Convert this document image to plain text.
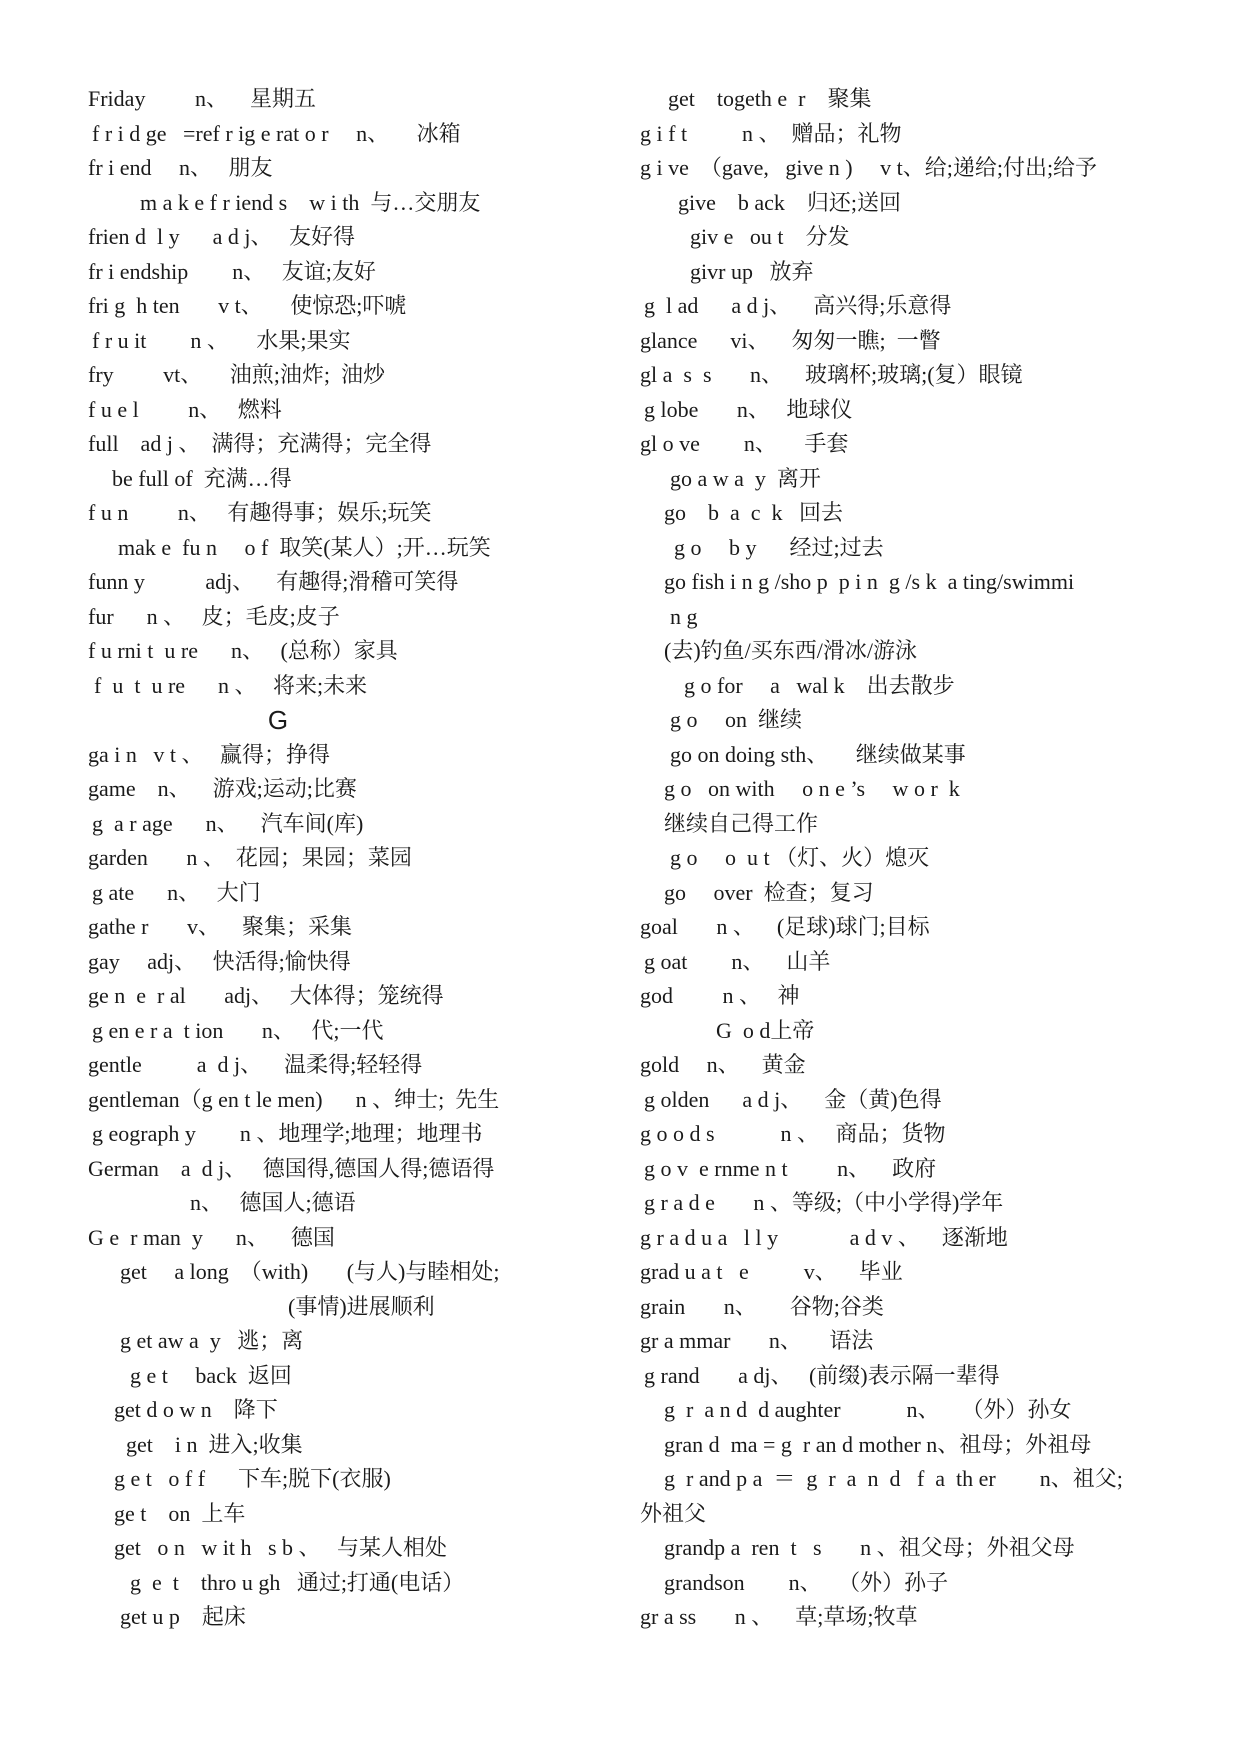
Friday         n、    星期五
f r i d ge   =ref r ig e rat o r     n、     冰箱
fr i end     n、   朋友
m a k e f r iend s    w i th  与…交朋友
frien d  l y      a d j、   友好得
fr i endship        n、   友谊;友好
fri g  h ten       v t、     使惊恐;吓唬
f r u it        n 、     水果;果实
fry         vt、     油煎;油炸;  油炒
f u e l         n、   燃料
full    ad j 、  满得；充满得；完全得
be full of  充满…得
f u n         n、   有趣得事；娱乐;玩笑
mak e  fu n     o f  取笑(某人）;开…玩笑
funn y           adj、    有趣得;滑稽可笑得
fur      n 、   皮；毛皮;皮子
f u rni t  u re      n、   (总称）家具
f  u  t  u re      n 、   将来;未来
G
ga i n   v t 、   赢得；挣得
game    n、    游戏;运动;比赛
g  a r age      n、    汽车间(库)
garden       n 、  花园；果园；菜园
g ate      n、   大门
gathe r       v、    聚集；采集
gay     adj、   快活得;愉快得
ge n  e  r al       adj、   大体得；笼统得
g en e r a  t ion       n、   代;一代
gentle          a  d j、    温柔得;轻轻得
gentleman（g en t le men)      n 、绅士;  先生
g eograph y        n 、地理学;地理；地理书
German    a  d j、   德国得,德国人得;德语得
n、   德国人;德语
G e  r man  y      n、    德国
get     a long  （with)       (与人)与睦相处;
(事情)进展顺利
g et aw a  y   逃；离
g e t     back  返回
get d o w n    降下
get    i n  进入;收集
g e t   o f f      下车;脱下(衣服)
ge t    on  上车
get   o n   w it h   s b 、   与某人相处
g  e  t    thro u gh   通过;打通(电话）
get u p    起床
get    togeth e  r    聚集
g i f t          n 、  赠品；礼物
g i ve  （gave,   give n )     v t、给;递给;付出;给予
give    b ack    归还;送回
giv e   ou t    分发
givr up   放弃
g  l ad      a d j、    高兴得;乐意得
glance      vi、    匆匆一瞧;  一瞥
gl a  s  s       n、    玻璃杯;玻璃;(复）眼镜
g lobe       n、   地球仪
gl o ve        n、     手套
go a w a  y  离开
go    b  a  c  k   回去
g o     b y      经过;过去
go fish i n g /sho p  p i n  g /s k  a ting/swimmi
n g
(去)钓鱼/买东西/滑冰/游泳
g o for     a   wal k    出去散步
g o     on  继续
go on doing sth、     继续做某事
g o   on with     o n e ’s     w o r  k
继续自己得工作
g o     o  u t （灯、火）熄灭
go     over  检查；复习
goal       n 、    (足球)球门;目标
g oat        n、    山羊
god         n 、   神
G  o d上帝
gold     n、    黄金
g olden      a d j、    金（黄)色得
g o o d s            n 、   商品；货物
g o v  e rnme n t         n、    政府
g r a d e       n 、等级;（中小学得)学年
g r a d u a   l l y             a d v 、    逐渐地
grad u a t   e          v、    毕业
grain       n、      谷物;谷类
gr a mmar       n、     语法
g rand       a dj、   (前缀)表示隔一辈得
g  r  a n d  d aughter            n、    （外）孙女
gran d  ma = g  r an d mother n、祖母；外祖母
g  r and p a  ＝  g  r  a  n  d   f  a  th er        n、祖父;
外祖父
grandp a  ren  t   s       n 、祖父母；外祖父母
grandson        n、   （外）孙子
gr a ss       n 、    草;草场;牧草
